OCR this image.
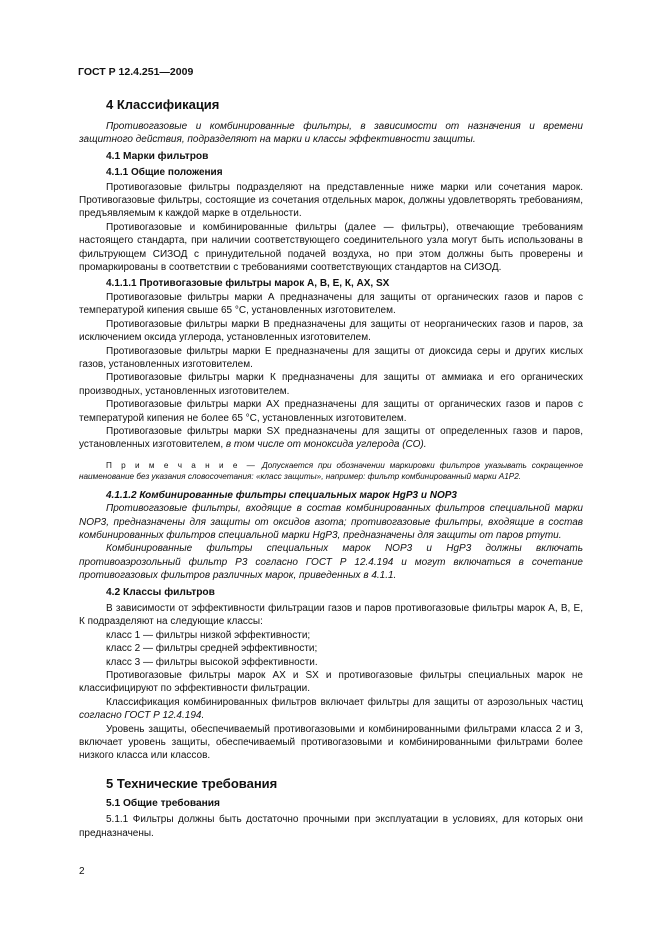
ГОСТ Р 12.4.251—2009
4 Классификация

Противогазовые и комбинированные фильтры, в зависимости от назначения и времени защитного действия, подразделяют на марки и классы эффективности защиты.

4.1 Марки фильтров
4.1.1 Общие положения

Противогазовые фильтры подразделяют на представленные ниже марки или сочетания марок. Противогазовые фильтры, состоящие из сочетания отдельных марок, должны удовлетворять требованиям, предъявляемым к каждой марке в отдельности.

Противогазовые и комбинированные фильтры (далее — фильтры), отвечающие требованиям настоящего стандарта, при наличии соответствующего соединительного узла могут быть использованы в фильтрующем СИЗОД с принудительной подачей воздуха, но при этом должны быть проверены и промаркированы в соответствии с требованиями соответствующих стандартов на СИЗОД.

4.1.1.1 Противогазовые фильтры марок А, В, Е, К, АХ, SX

Противогазовые фильтры марки А предназначены для защиты от органических газов и паров с температурой кипения свыше 65 °С, установленных изготовителем.

Противогазовые фильтры марки В предназначены для защиты от неорганических газов и паров, за исключением оксида углерода, установленных изготовителем.

Противогазовые фильтры марки Е предназначены для защиты от диоксида серы и других кислых газов, установленных изготовителем.

Противогазовые фильтры марки К предназначены для защиты от аммиака и его органических производных, установленных изготовителем.

Противогазовые фильтры марки АХ предназначены для защиты от органических газов и паров с температурой кипения не более 65 °С, установленных изготовителем.

Противогазовые фильтры марки SX предназначены для защиты от определенных газов и паров, установленных изготовителем, в том числе от моноксида углерода (СО).

П р и м е ч а н и е — Допускается при обозначении маркировки фильтров указывать сокращенное наименование без указания словосочетания: «класс защиты», например: фильтр комбинированный марки А1Р2.

4.1.1.2 Комбинированные фильтры специальных марок HgP3 и NOP3

Противогазовые фильтры, входящие в состав комбинированных фильтров специальной марки NOP3, предназначены для защиты от оксидов азота; противогазовые фильтры, входящие в состав комбинированных фильтров специальной марки HgP3, предназначены для защиты от паров ртути.

Комбинированные фильтры специальных марок NOP3 и HgP3 должны включать противоаэрозольный фильтр Р3 согласно ГОСТ Р 12.4.194 и могут включаться в сочетание противогазовых фильтров различных марок, приведенных в 4.1.1.

4.2 Классы фильтров

В зависимости от эффективности фильтрации газов и паров противогазовые фильтры марок А, В, Е, К подразделяют на следующие классы:

класс 1 — фильтры низкой эффективности;

класс 2 — фильтры средней эффективности;

класс 3 — фильтры высокой эффективности.

Противогазовые фильтры марок АХ и SX и противогазовые фильтры специальных марок не классифицируют по эффективности фильтрации.

Классификация комбинированных фильтров включает фильтры для защиты от аэрозольных частиц согласно ГОСТ Р 12.4.194.

Уровень защиты, обеспечиваемый противогазовыми и комбинированными фильтрами класса 2 и 3, включает уровень защиты, обеспечиваемый противогазовыми и комбинированными фильтрами более низкого класса или классов.

5 Технические требования
5.1 Общие требования

5.1.1 Фильтры должны быть достаточно прочными при эксплуатации в условиях, для которых они предназначены.

2
